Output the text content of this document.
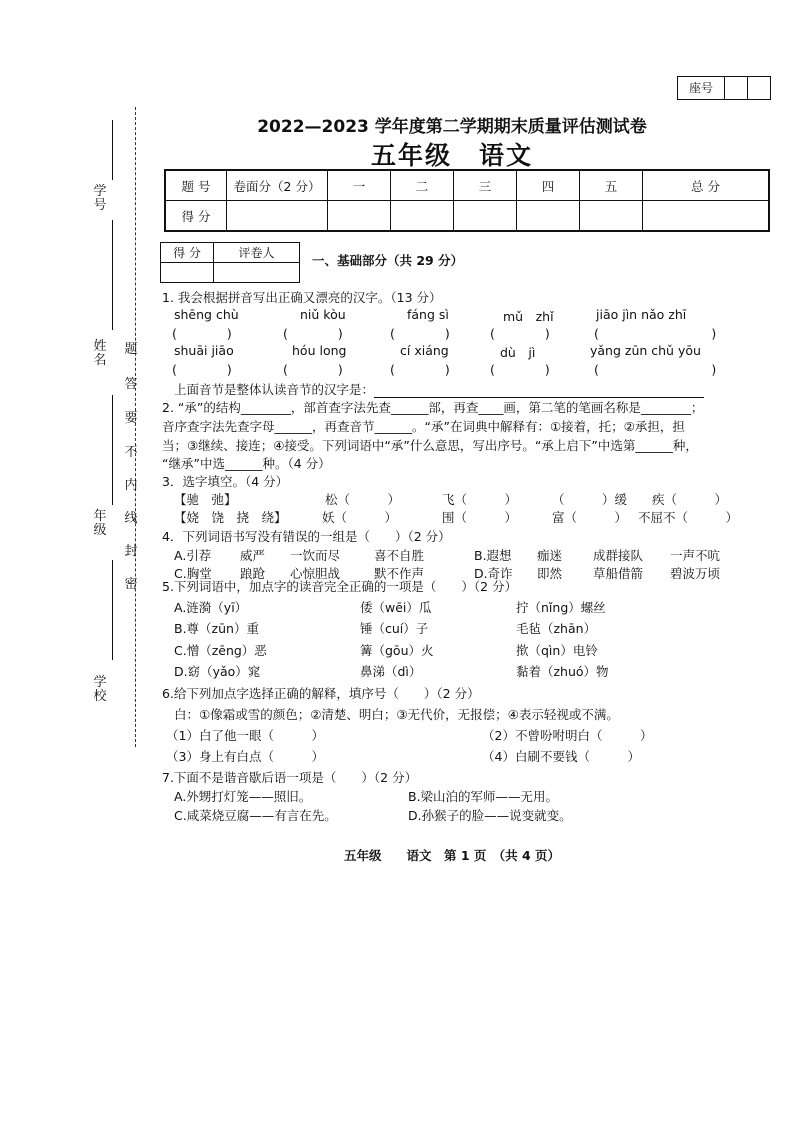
座号
学号
姓名
年级
学校
题
答
要
不
内
线
封
密
2022—2023 学年度第二学期期末质量评估测试卷
五年级　语文
题 号	卷面分（2 分）	一	二	三	四	五	总 分
得 分							
得 分	评卷人
		一、基础部分（共 29 分）
1. 我会根据拼音写出正确又漂亮的汉字。（13 分）
shēng chù	niǔ kòu	fáng sì	mǔ　zhǐ	jiāo jìn nǎo zhī
(　　　　)	(　　　　)	(　　　　)	(　　　　)	(　　　　　　　　　)
shuāi jiāo	hóu long	cí xiáng	dù　jì	yǎng zūn chǔ yōu
(　　　　)	(　　　　)	(　　　　)	(　　　　)	(　　　　　　　　　)
上面音节是整体认读音节的汉字是：
2. “承”的结构________，部首查字法先查______部，再查____画，第二笔的笔画名称是________；
音序查字法先查字母______，再查音节______。“承”在词典中解释有：①接着，托；②承担，担
当；③继续、接连；④接受。下列词语中“承”什么意思，写出序号。“承上启下”中选第______种，
“继承”中选______种。（4 分）
3．选字填空。（4 分）
【驰　弛】	松（　　　）	飞（　　　）	（　　　）缓 疾（　　　）
【娆　饶　挠　绕】	妖（　　　）	围（　　　）	富（　　　） 不屈不（　　　）
4．下列词语书写没有错误的一组是（　　）（2 分）
A.引荐 威严 一饮而尽	喜不自胜	B.遐想 痂迷 成群接队 一声不吭
C.胸堂 踉跄 心惊胆战	默不作声	D.奇诈 即然 草船借箭 碧波万顷
5.下列词语中，加点字的读音完全正确的一项是（　　）（2 分）
A.涟漪（yī）	倭（wēi）瓜	拧（nǐng）螺丝
B.尊（zūn）重	锤（cuí）子	毛毡（zhān）
C.憎（zēng）恶	篝（gōu）火	揿（qìn）电铃
D.窈（yǎo）窕	鼻涕（dì）	黏着（zhuó）物
6.给下列加点字选择正确的解释，填序号（　　）（2 分）
白：①像霜或雪的颜色；②清楚、明白；③无代价，无报偿；④表示轻视或不满。
（1）白了他一眼（　　　）	（2）不曾吩咐明白（　　　）
（3）身上有白点（　　　）	（4）白刷不要钱（　　　）
7.下面不是谐音歇后语一项是（　　）（2 分）
A.外甥打灯笼——照旧。	B.梁山泊的军师——无用。
C.咸菜烧豆腐——有言在先。	D.孙猴子的脸——说变就变。
五年级　　语文　第 1 页　（共 4 页）
